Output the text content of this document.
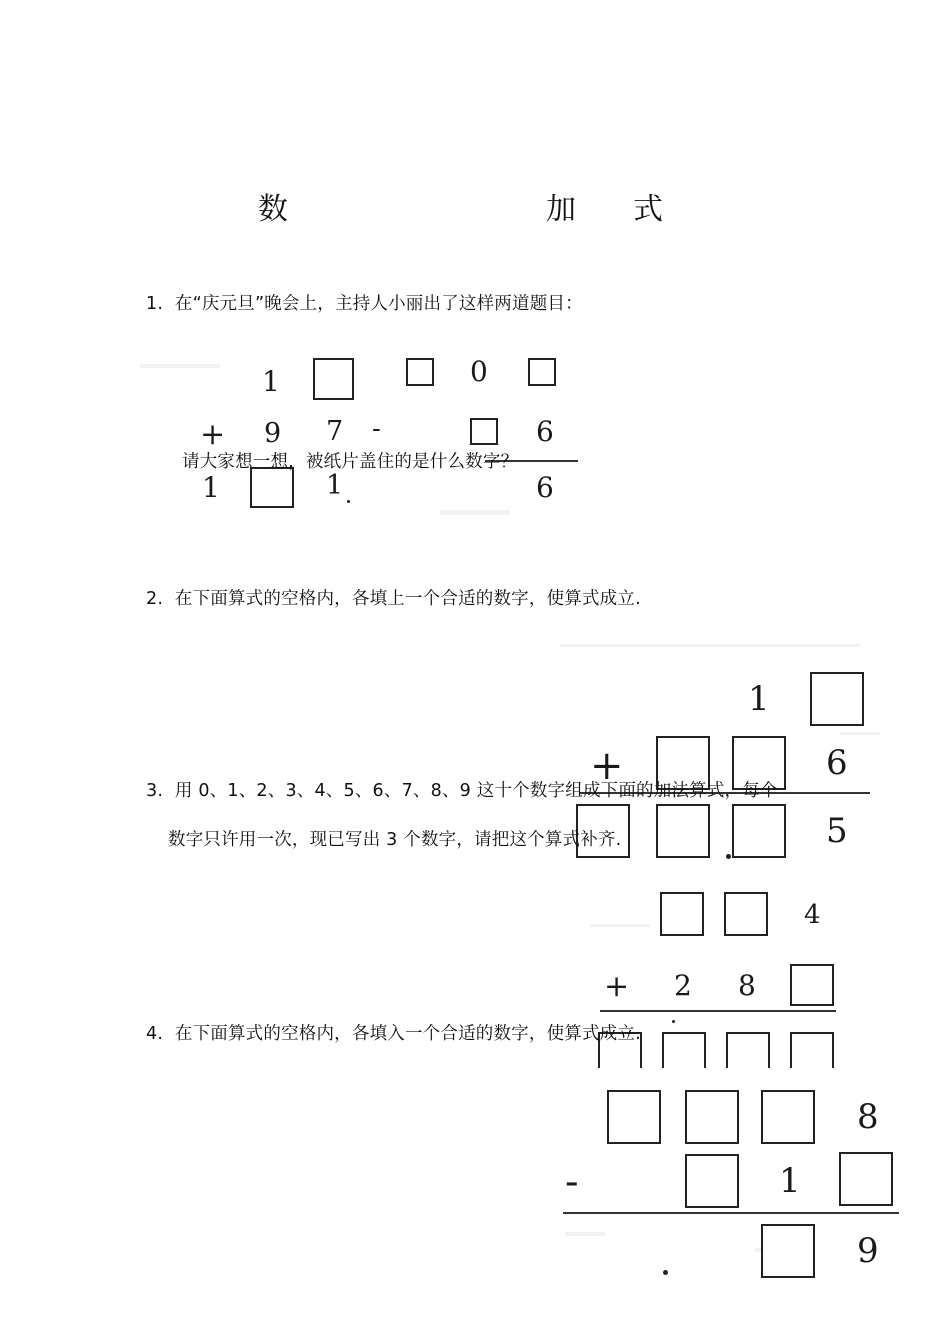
数	加 式
1. 在“庆元旦”晚会上，主持人小丽出了这样两道题目：
1
+ 9 7
1	1
0
-	6
6
请大家想一想，被纸片盖住的是什么数字？
2. 在下面算式的空格内，各填上一个合适的数字，使算式成立.
1
+	6
5
3. 用 0、1、2、3、4、5、6、7、8、9 这十个数字组成下面的加法算式，每个
数字只许用一次，现已写出 3 个数字，请把这个算式补齐.
4
+ 2 8
4. 在下面算式的空格内，各填入一个合适的数字，使算式成立.
8
-	1
9
